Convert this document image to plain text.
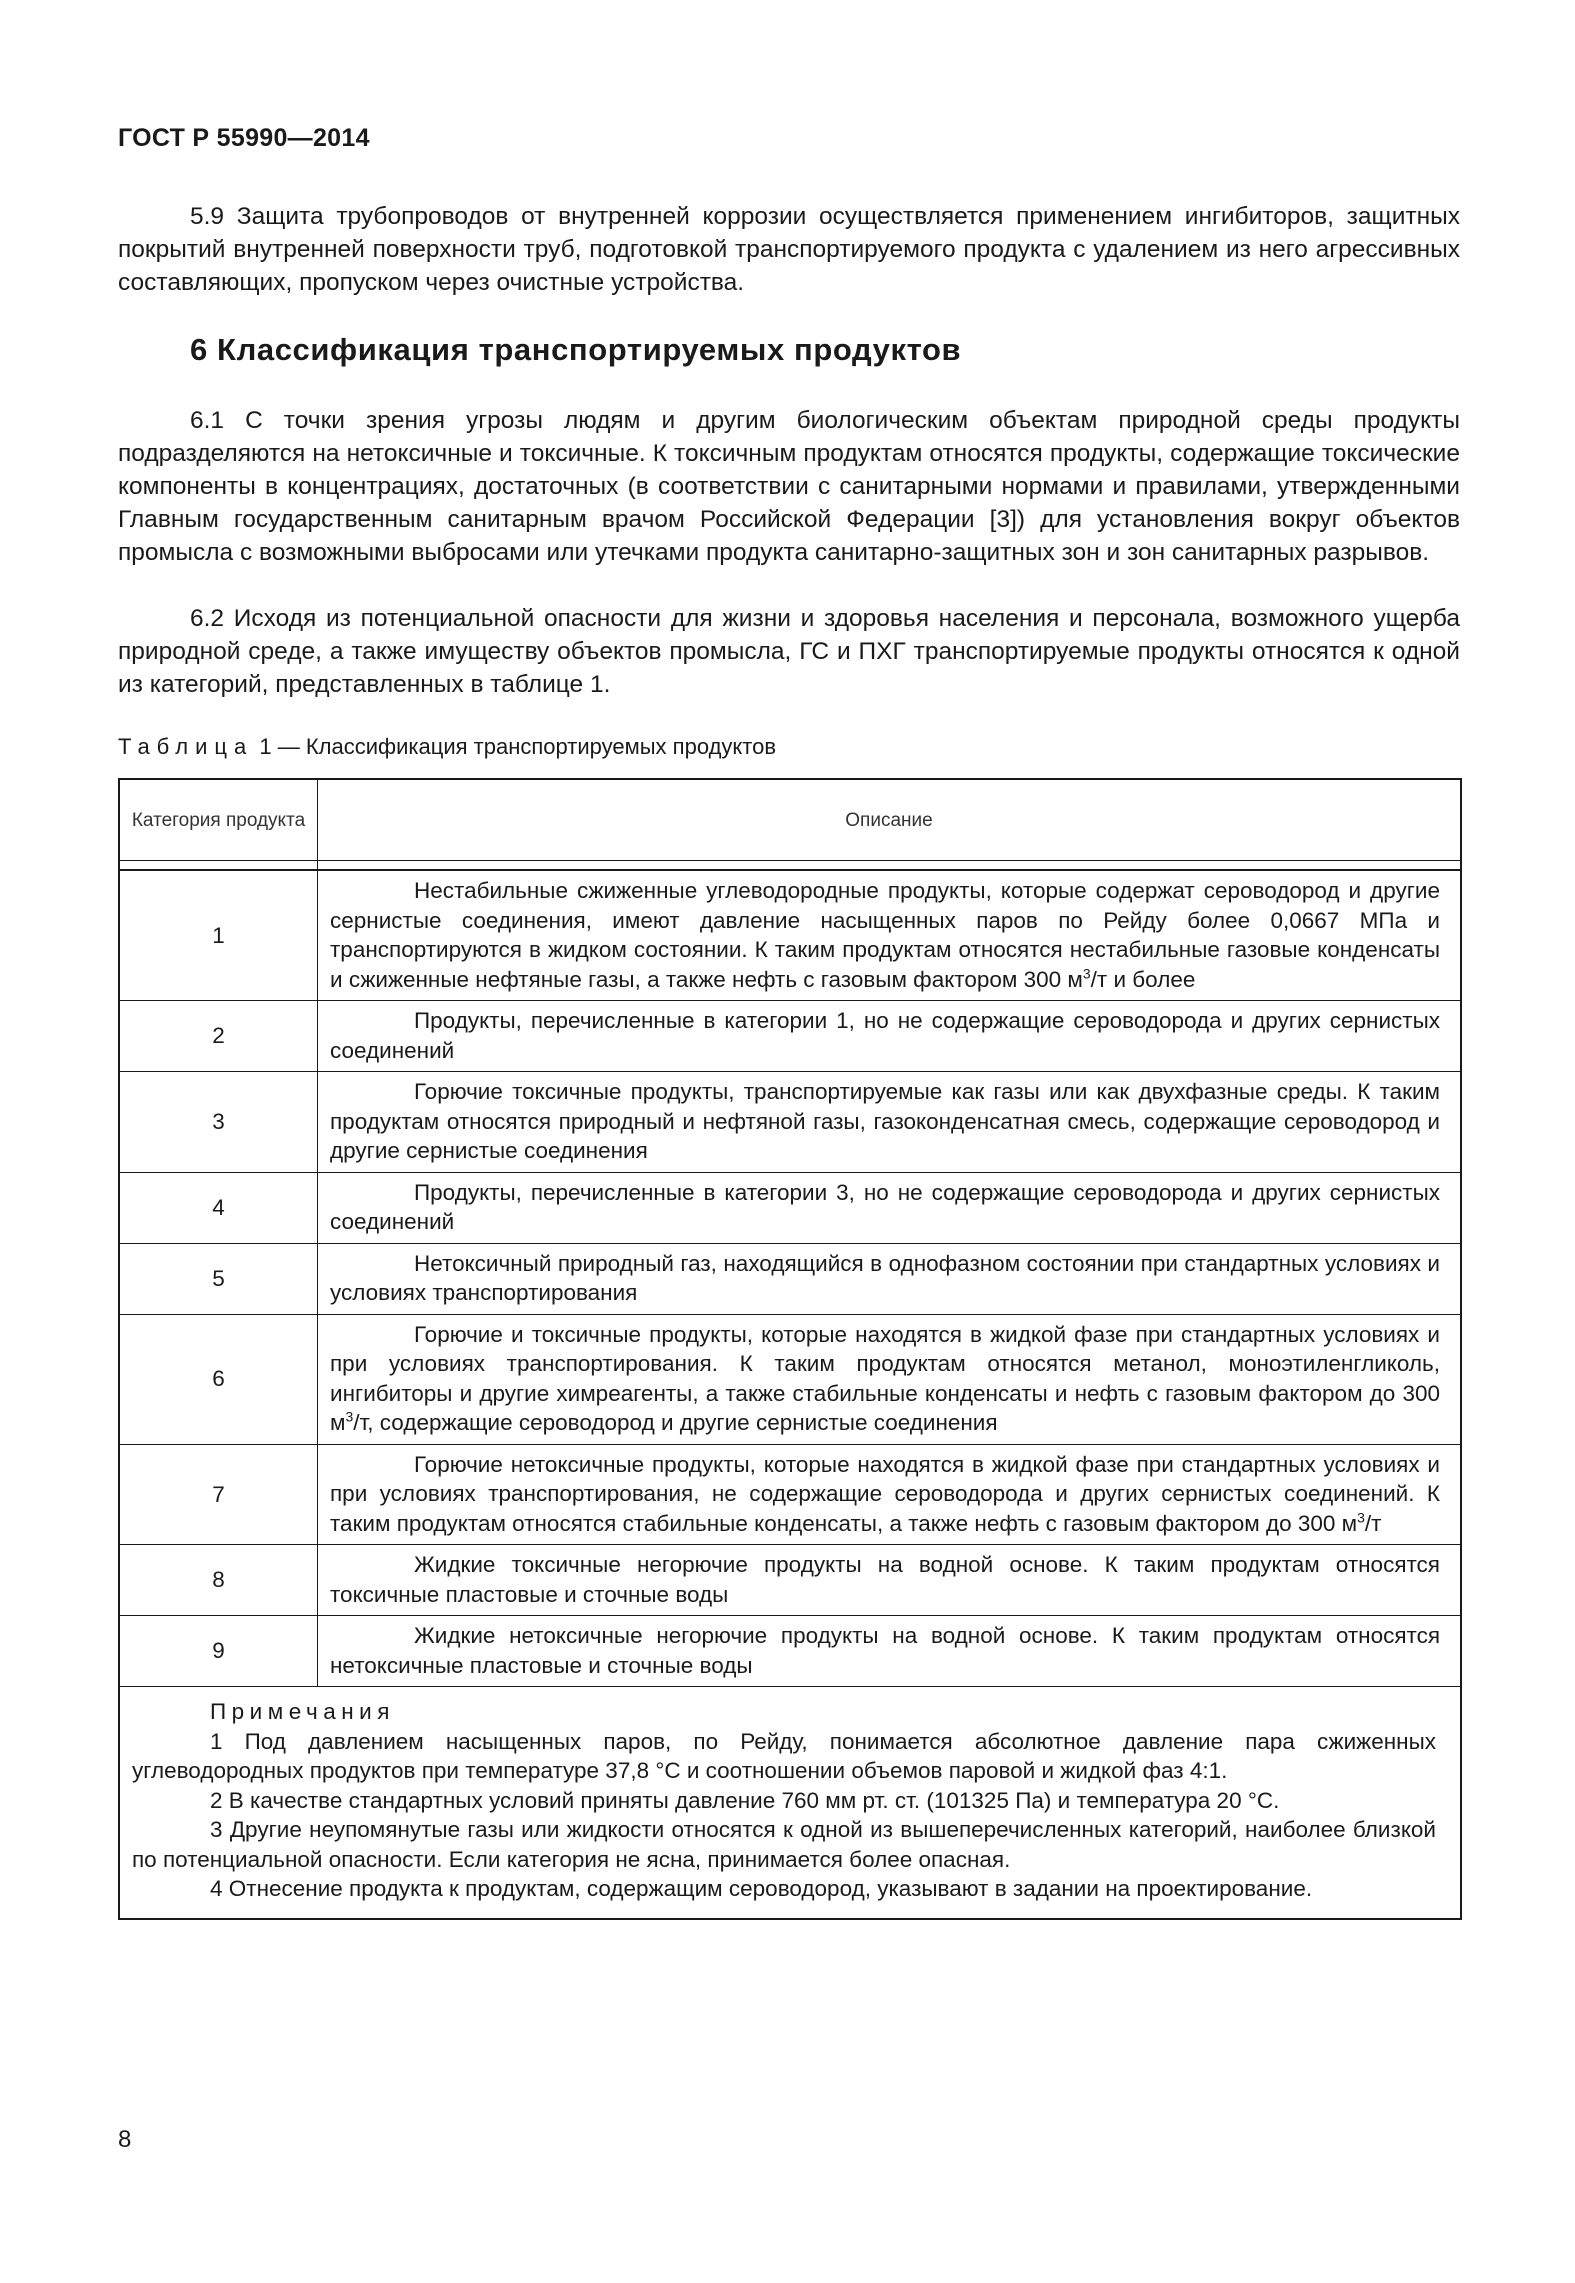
ГОСТ Р 55990—2014

5.9 Защита трубопроводов от внутренней коррозии осуществляется применением ингибиторов, защитных покрытий внутренней поверхности труб, подготовкой транспортируемого продукта с удалением из него агрессивных составляющих, пропуском через очистные устройства.

6 Классификация транспортируемых продуктов

6.1 С точки зрения угрозы людям и другим биологическим объектам природной среды продукты подразделяются на нетоксичные и токсичные. К токсичным продуктам относятся продукты, содержащие токсические компоненты в концентрациях, достаточных (в соответствии с санитарными нормами и правилами, утвержденными Главным государственным санитарным врачом Российской Федерации [3]) для установления вокруг объектов промысла с возможными выбросами или утечками продукта санитарно-защитных зон и зон санитарных разрывов.

6.2 Исходя из потенциальной опасности для жизни и здоровья населения и персонала, возможного ущерба природной среде, а также имуществу объектов промысла, ГС и ПХГ транспортируемые продукты относятся к одной из категорий, представленных в таблице 1.

Таблица 1 — Классификация транспортируемых продуктов
Категория продукта	Описание

1	Нестабильные сжиженные углеводородные продукты, которые содержат сероводород и другие сернистые соединения, имеют давление насыщенных паров по Рейду более 0,0667 МПа и транспортируются в жидком состоянии. К таким продуктам относятся нестабильные газовые конденсаты и сжиженные нефтяные газы, а также нефть с газовым фактором 300 $м^3/т$ и более
2	Продукты, перечисленные в категории 1, но не содержащие сероводорода и других сернистых соединений
3	Горючие токсичные продукты, транспортируемые как газы или как двухфазные среды. К таким продуктам относятся природный и нефтяной газы, газоконденсатная смесь, содержащие сероводород и другие сернистые соединения
4	Продукты, перечисленные в категории 3, но не содержащие сероводорода и других сернистых соединений
5	Нетоксичный природный газ, находящийся в однофазном состоянии при стандартных условиях и условиях транспортирования
6	Горючие и токсичные продукты, которые находятся в жидкой фазе при стандартных условиях и при условиях транспортирования. К таким продуктам относятся метанол, моноэтиленгликоль, ингибиторы и другие химреагенты, а также стабильные конденсаты и нефть с газовым фактором до 300 $м^3/т$, содержащие сероводород и другие сернистые соединения
7	Горючие нетоксичные продукты, которые находятся в жидкой фазе при стандартных условиях и при условиях транспортирования, не содержащие сероводорода и других сернистых соединений. К таким продуктам относятся стабильные конденсаты, а также нефть с газовым фактором до 300 $м^3/т$
8	Жидкие токсичные негорючие продукты на водной основе. К таким продуктам относятся токсичные пластовые и сточные воды
9	Жидкие нетоксичные негорючие продукты на водной основе. К таким продуктам относятся нетоксичные пластовые и сточные воды

Примечания

1 Под давлением насыщенных паров, по Рейду, понимается абсолютное давление пара сжиженных углеводородных продуктов при температуре 37,8 °С и соотношении объемов паровой и жидкой фаз 4:1.

2 В качестве стандартных условий приняты давление 760 мм рт. ст. (101325 Па) и температура 20 °С.

3 Другие неупомянутые газы или жидкости относятся к одной из вышеперечисленных категорий, наиболее близкой по потенциальной опасности. Если категория не ясна, принимается более опасная.

4 Отнесение продукта к продуктам, содержащим сероводород, указывают в задании на проектирование.	

8
